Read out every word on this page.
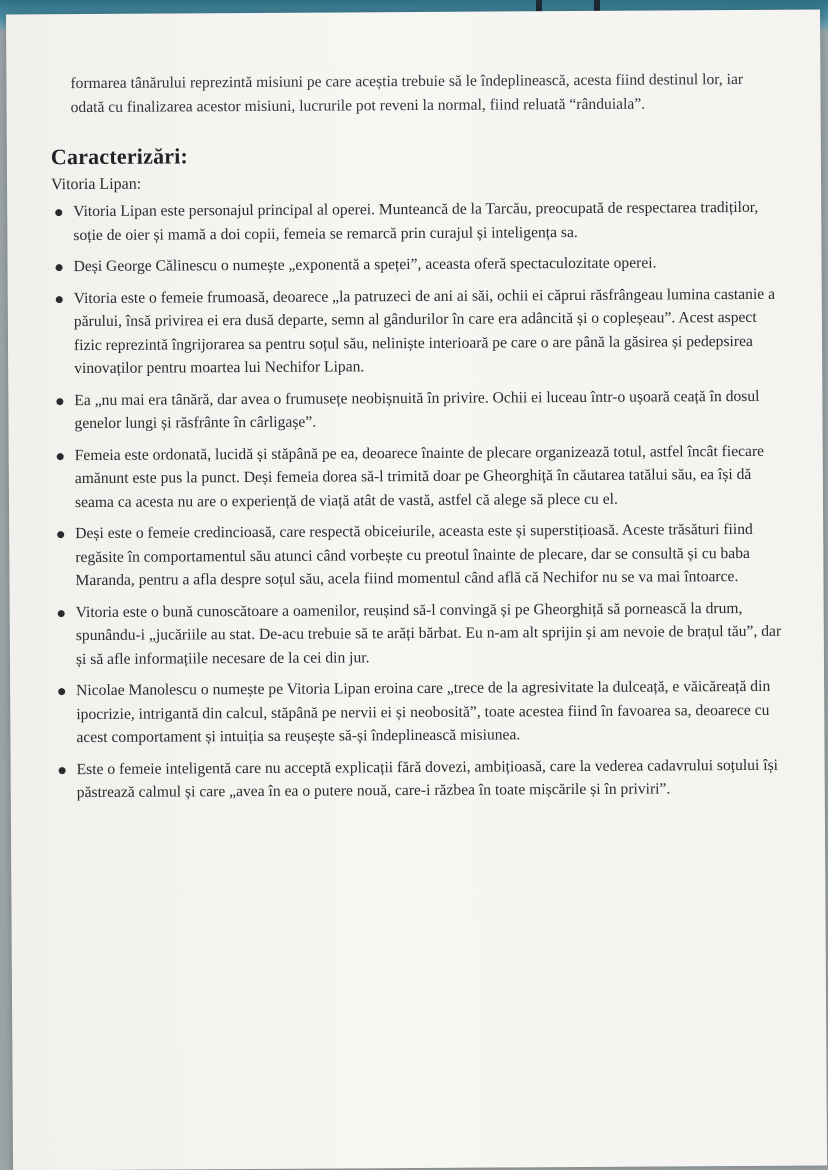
formarea tânărului reprezintă misiuni pe care aceștia trebuie să le îndeplinească, acesta fiind destinul lor, iar odată cu finalizarea acestor misiuni, lucrurile pot reveni la normal, fiind reluată “rânduiala”.

Caracterizări:
Vitoria Lipan:
Vitoria Lipan este personajul principal al operei. Munteancă de la Tarcău, preocupată de respectarea tradiților, soție de oier și mamă a doi copii, femeia se remarcă prin curajul și inteligența sa.
Deși George Călinescu o numește „exponentă a speței”, aceasta oferă spectaculozitate operei.
Vitoria este o femeie frumoasă, deoarece „la patruzeci de ani ai săi, ochii ei căprui răsfrângeau lumina castanie a părului, însă privirea ei era dusă departe, semn al gândurilor în care era adâncită și o copleșeau”. Acest aspect fizic reprezintă îngrijorarea sa pentru soțul său, neliniște interioară pe care o are până la găsirea și pedepsirea vinovaților pentru moartea lui Nechifor Lipan.
Ea „nu mai era tânără, dar avea o frumusețe neobișnuită în privire. Ochii ei luceau într-o ușoară ceață în dosul genelor lungi și răsfrânte în cârligașe”.
Femeia este ordonată, lucidă și stăpână pe ea, deoarece înainte de plecare organizează totul, astfel încât fiecare amănunt este pus la punct. Deși femeia dorea să-l trimită doar pe Gheorghiță în căutarea tatălui său, ea își dă seama ca acesta nu are o experiență de viață atât de vastă, astfel că alege să plece cu el.
Deși este o femeie credincioasă, care respectă obiceiurile, aceasta este și superstițioasă. Aceste trăsături fiind regăsite în comportamentul său atunci când vorbește cu preotul înainte de plecare, dar se consultă și cu baba Maranda, pentru a afla despre soțul său, acela fiind momentul când află că Nechifor nu se va mai întoarce.
Vitoria este o bună cunoscătoare a oamenilor, reușind să-l convingă și pe Gheorghiță să pornească la drum, spunându-i „jucăriile au stat. De-acu trebuie să te arăți bărbat. Eu n-am alt sprijin și am nevoie de brațul tău”, dar și să afle informațiile necesare de la cei din jur.
Nicolae Manolescu o numește pe Vitoria Lipan eroina care „trece de la agresivitate la dulceață, e văicăreață din ipocrizie, intrigantă din calcul, stăpână pe nervii ei și neobosită”, toate acestea fiind în favoarea sa, deoarece cu acest comportament și intuiția sa reușește să-și îndeplinească misiunea.
Este o femeie inteligentă care nu acceptă explicații fără dovezi, ambițioasă, care la vederea cadavrului soțului își păstrează calmul și care „avea în ea o putere nouă, care-i răzbea în toate mișcările și în priviri”.
